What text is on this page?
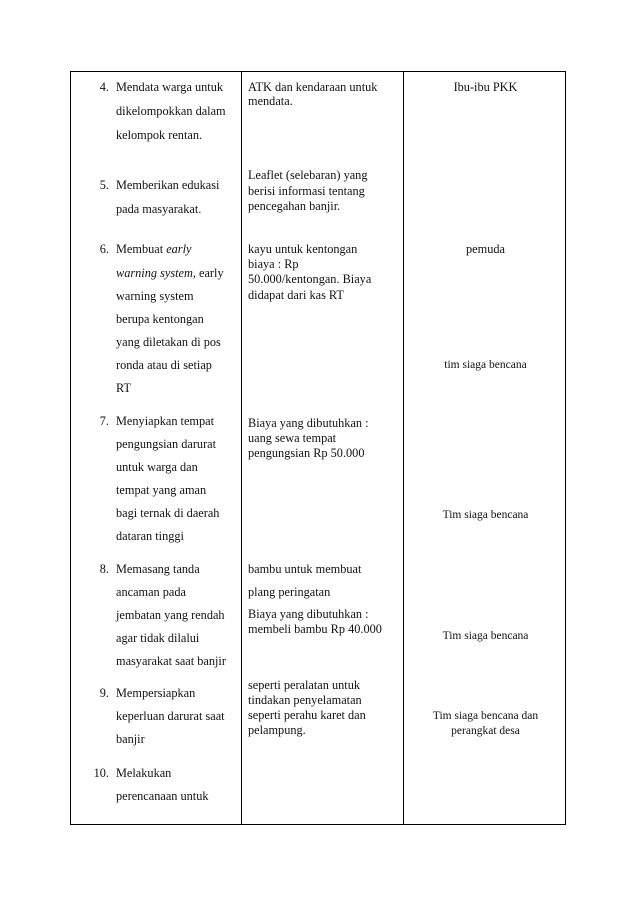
4. Mendata warga untuk
dikelompokkan dalam
kelompok rentan.
ATK dan kendaraan untuk
mendata.
Ibu-ibu PKK
5. Memberikan edukasi
pada masyarakat.
Leaflet (selebaran) yang
berisi informasi tentang
pencegahan banjir.
6. Membuat early
warning system, early
warning system
berupa kentongan
yang diletakan di pos
ronda atau di setiap
RT
kayu untuk kentongan
biaya : Rp
50.000/kentongan. Biaya
didapat dari kas RT
pemuda
tim siaga bencana
7. Menyiapkan tempat
pengungsian darurat
untuk warga dan
tempat yang aman
bagi ternak di daerah
dataran tinggi
Biaya yang dibutuhkan :
uang sewa tempat
pengungsian Rp 50.000
Tim siaga bencana
8. Memasang tanda
ancaman pada
jembatan yang rendah
agar tidak dilalui
masyarakat saat banjir
bambu untuk membuat
plang peringatan
Biaya yang dibutuhkan :
membeli bambu Rp 40.000	Tim siaga bencana
9. Mempersiapkan
keperluan darurat saat
banjir
seperti peralatan untuk
tindakan penyelamatan
seperti perahu karet dan
pelampung.
Tim siaga bencana dan
perangkat desa
10. Melakukan
perencanaan untuk
